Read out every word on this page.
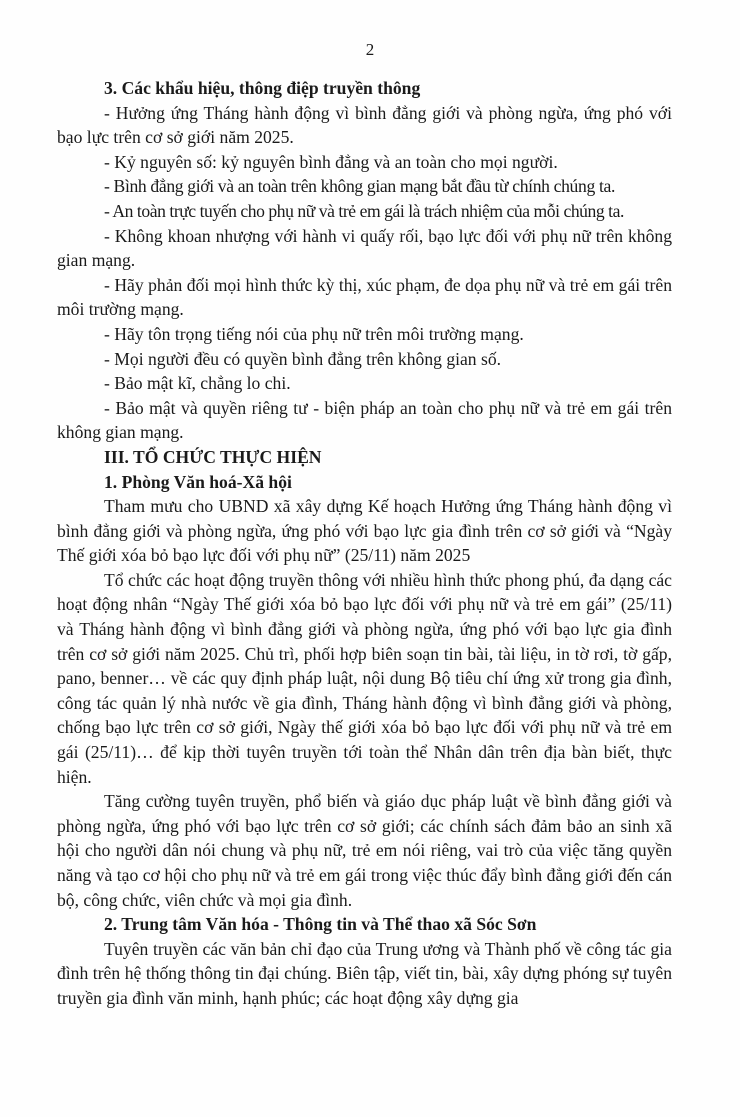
2

3. Các khẩu hiệu, thông điệp truyền thông

- Hưởng ứng Tháng hành động vì bình đẳng giới và phòng ngừa, ứng phó với bạo lực trên cơ sở giới năm 2025.

- Kỷ nguyên số: kỷ nguyên bình đẳng và an toàn cho mọi người.

- Bình đẳng giới và an toàn trên không gian mạng bắt đầu từ chính chúng ta.

- An toàn trực tuyến cho phụ nữ và trẻ em gái là trách nhiệm của mỗi chúng ta.

- Không khoan nhượng với hành vi quấy rối, bạo lực đối với phụ nữ trên không gian mạng.

- Hãy phản đối mọi hình thức kỳ thị, xúc phạm, đe dọa phụ nữ và trẻ em gái trên môi trường mạng.

- Hãy tôn trọng tiếng nói của phụ nữ trên môi trường mạng.

- Mọi người đều có quyền bình đẳng trên không gian số.

- Bảo mật kĩ, chẳng lo chi.

- Bảo mật và quyền riêng tư - biện pháp an toàn cho phụ nữ và trẻ em gái trên không gian mạng.

III. TỔ CHỨC THỰC HIỆN

1. Phòng Văn hoá-Xã hội

Tham mưu cho UBND xã xây dựng Kế hoạch Hưởng ứng Tháng hành động vì bình đẳng giới và phòng ngừa, ứng phó với bạo lực gia đình trên cơ sở giới và “Ngày Thế giới xóa bỏ bạo lực đối với phụ nữ” (25/11) năm 2025

Tổ chức các hoạt động truyền thông với nhiều hình thức phong phú, đa dạng các hoạt động nhân “Ngày Thế giới xóa bỏ bạo lực đối với phụ nữ và trẻ em gái” (25/11) và Tháng hành động vì bình đẳng giới và phòng ngừa, ứng phó với bạo lực gia đình trên cơ sở giới năm 2025. Chủ trì, phối hợp biên soạn tin bài, tài liệu, in tờ rơi, tờ gấp, pano, benner… về các quy định pháp luật, nội dung Bộ tiêu chí ứng xử trong gia đình, công tác quản lý nhà nước về gia đình, Tháng hành động vì bình đẳng giới và phòng, chống bạo lực trên cơ sở giới, Ngày thế giới xóa bỏ bạo lực đối với phụ nữ và trẻ em gái (25/11)… để kịp thời tuyên truyền tới toàn thể Nhân dân trên địa bàn biết, thực hiện.

Tăng cường tuyên truyền, phổ biến và giáo dục pháp luật về bình đẳng giới và phòng ngừa, ứng phó với bạo lực trên cơ sở giới; các chính sách đảm bảo an sinh xã hội cho người dân nói chung và phụ nữ, trẻ em nói riêng, vai trò của việc tăng quyền năng và tạo cơ hội cho phụ nữ và trẻ em gái trong việc thúc đẩy bình đẳng giới đến cán bộ, công chức, viên chức và mọi gia đình.

2. Trung tâm Văn hóa - Thông tin và Thể thao xã Sóc Sơn

Tuyên truyền các văn bản chỉ đạo của Trung ương và Thành phố về công tác gia đình trên hệ thống thông tin đại chúng. Biên tập, viết tin, bài, xây dựng phóng sự tuyên truyền gia đình văn minh, hạnh phúc; các hoạt động xây dựng gia
